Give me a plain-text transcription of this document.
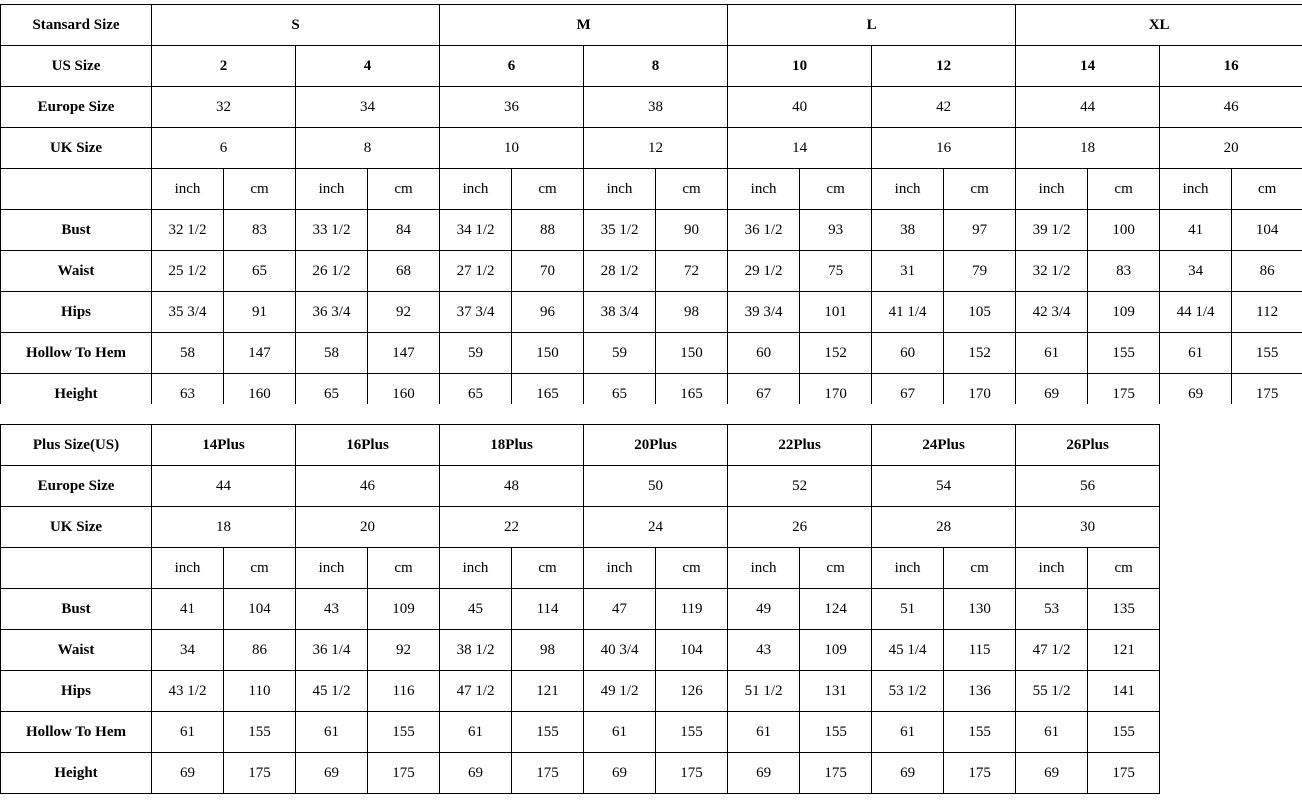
Stansard Size	S				M				L				XL			
US Size	2		4		6		8		10		12		14		16	
Europe Size	32		34		36		38		40		42		44		46	
UK Size	6		8		10		12		14		16		18		20	
	inch	cm	inch	cm	inch	cm	inch	cm	inch	cm	inch	cm	inch	cm	inch	cm
Bust	32 1/2	83	33 1/2	84	34 1/2	88	35 1/2	90	36 1/2	93	38	97	39 1/2	100	41	104
Waist	25 1/2	65	26 1/2	68	27 1/2	70	28 1/2	72	29 1/2	75	31	79	32 1/2	83	34	86
Hips	35 3/4	91	36 3/4	92	37 3/4	96	38 3/4	98	39 3/4	101	41 1/4	105	42 3/4	109	44 1/4	112
Hollow To Hem	58	147	58	147	59	150	59	150	60	152	60	152	61	155	61	155
Height	63	160	65	160	65	165	65	165	67	170	67	170	69	175	69	175
Plus Size(US)	14Plus		16Plus		18Plus		20Plus		22Plus		24Plus		26Plus	
Europe Size	44		46		48		50		52		54		56	
UK Size	18		20		22		24		26		28		30	
	inch	cm	inch	cm	inch	cm	inch	cm	inch	cm	inch	cm	inch	cm
Bust	41	104	43	109	45	114	47	119	49	124	51	130	53	135
Waist	34	86	36 1/4	92	38 1/2	98	40 3/4	104	43	109	45 1/4	115	47 1/2	121
Hips	43 1/2	110	45 1/2	116	47 1/2	121	49 1/2	126	51 1/2	131	53 1/2	136	55 1/2	141
Hollow To Hem	61	155	61	155	61	155	61	155	61	155	61	155	61	155
Height	69	175	69	175	69	175	69	175	69	175	69	175	69	175
